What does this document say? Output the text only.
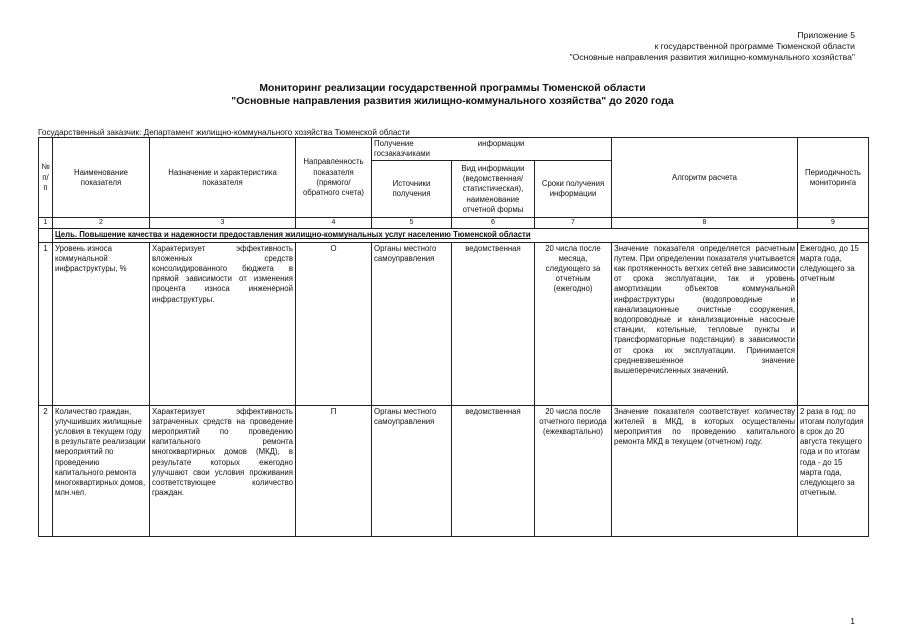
Приложение 5
к государственной программе Тюменской области
"Основные направления развития жилищно-коммунального хозяйства"
Мониторинг реализации государственной программы Тюменской области
"Основные направления развития жилищно-коммунального хозяйства" до 2020 года
Государственный заказчик: Департамент жилищно-коммунального хозяйства Тюменской области
№ п/п	Наименование показателя	Назначение и характеристика показателя	Направленность показателя (прямого/ обратного счета)	Получение информации госзаказчиками			Алгоритм расчета	Периодичность мониторинга
				Источники получения	Вид информации (ведомственная/ статистическая), наименование отчетной формы	Сроки получения информации		
1	2	3	4	5	6	7	8	9
	Цель. Повышение качества и надежности предоставления жилищно-коммунальных услуг населению Тюменской области							
1	Уровень износа коммунальной инфраструктуры, %	Характеризует эффективность вложенных средств консолидированного бюджета в прямой зависимости от изменения процента износа инженерной инфраструктуры.	О	Органы местного самоуправления	ведомственная	20 числа после месяца, следующего за отчетным (ежегодно)	Значение показателя определяется расчетным путем. При определении показателя учитывается как протяженность ветхих сетей вне зависимости от срока эксплуатации, так и уровень амортизации объектов коммунальной инфраструктуры (водопроводные и канализационные очистные сооружения, водопроводные и канализационные насосные станции, котельные, тепловые пункты и трансформаторные подстанции) в зависимости от срока их эксплуатации. Принимается средневзвешенное значение вышеперечисленных значений.	Ежегодно, до 15 марта года, следующего за отчетным
2	Количество граждан, улучшивших жилищные условия в текущем году в результате реализации мероприятий по проведению капитального ремонта многоквартирных домов, млн.чел.	Характеризует эффективность затраченных средств на проведение мероприятий по проведению капитального ремонта многоквартирных домов (МКД), в результате которых ежегодно улучшают свои условия проживания соответствующее количество граждан.	П	Органы местного самоуправления	ведомственная	20 числа после отчетного периода (ежеквартально)	Значение показателя соответствует количеству жителей в МКД, в которых осуществлены мероприятия по проведению капитального ремонта МКД в текущем (отчетном) году.	2 раза в год: по итогам полугодия в срок до 20 августа текущего года и по итогам года - до 15 марта года, следующего за отчетным.
1
